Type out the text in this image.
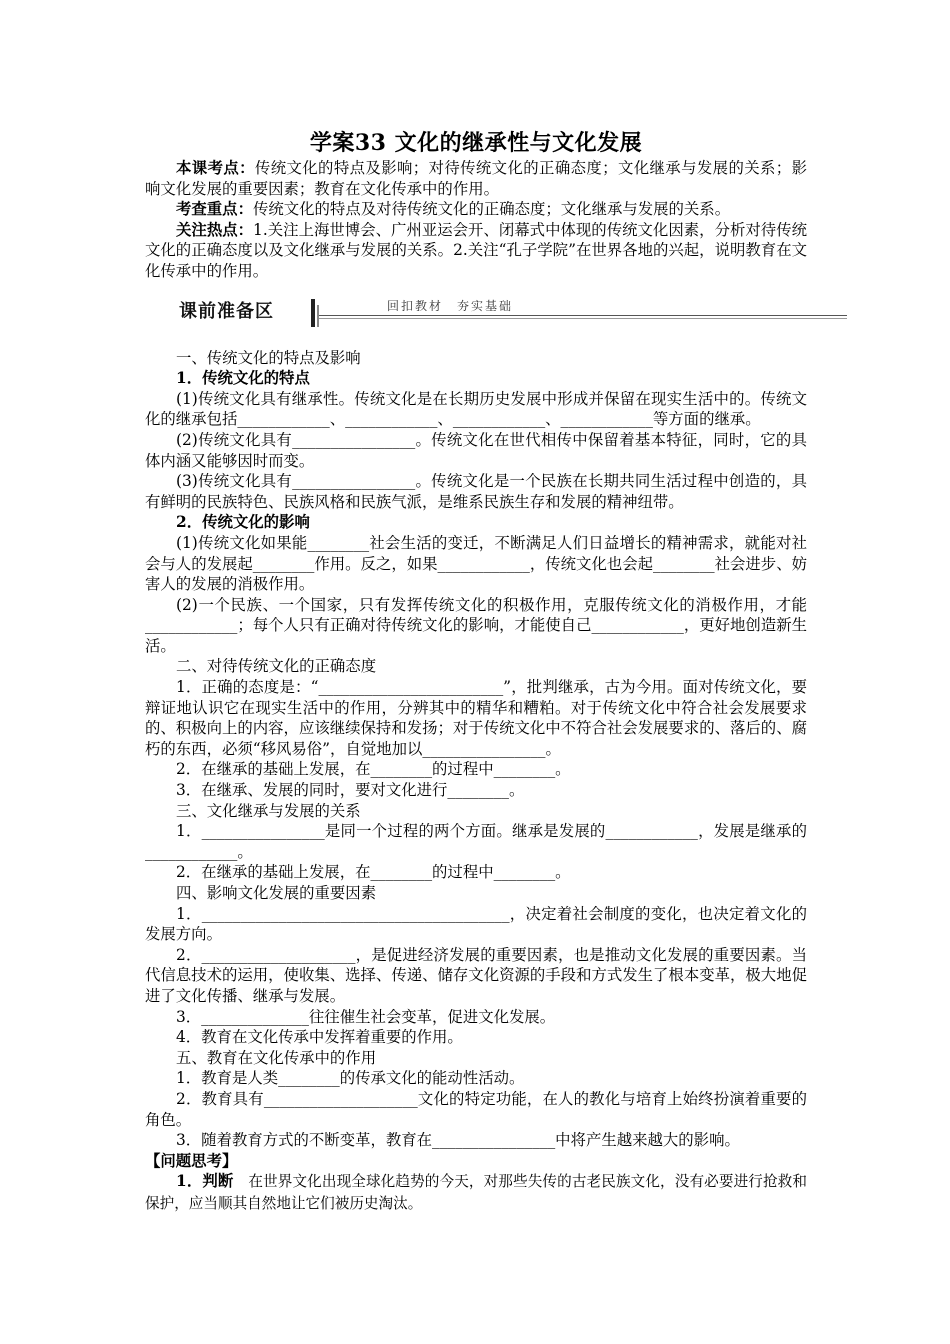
学案33 文化的继承性与文化发展

本课考点：传统文化的特点及影响；对待传统文化的正确态度；文化继承与发展的关系；影响文化发展的重要因素；教育在文化传承中的作用。

考查重点：传统文化的特点及对待传统文化的正确态度；文化继承与发展的关系。

关注热点：1.关注上海世博会、广州亚运会开、闭幕式中体现的传统文化因素，分析对待传统文化的正确态度以及文化继承与发展的关系。2.关注“孔子学院”在世界各地的兴起，说明教育在文化传承中的作用。

课前准备区	回扣教材　夯实基础

一、传统文化的特点及影响

1．传统文化的特点

(1)传统文化具有继承性。传统文化是在长期历史发展中形成并保留在现实生活中的。传统文化的继承包括____________、____________、____________、____________等方面的继承。

(2)传统文化具有________________。传统文化在世代相传中保留着基本特征，同时，它的具体内涵又能够因时而变。

(3)传统文化具有________________。传统文化是一个民族在长期共同生活过程中创造的，具有鲜明的民族特色、民族风格和民族气派，是维系民族生存和发展的精神纽带。

2．传统文化的影响

(1)传统文化如果能________社会生活的变迁，不断满足人们日益增长的精神需求，就能对社会与人的发展起________作用。反之，如果____________，传统文化也会起________社会进步、妨害人的发展的消极作用。

(2)一个民族、一个国家，只有发挥传统文化的积极作用，克服传统文化的消极作用，才能____________；每个人只有正确对待传统文化的影响，才能使自己____________，更好地创造新生活。

二、对待传统文化的正确态度

1．正确的态度是：“________________________”，批判继承，古为今用。面对传统文化，要辩证地认识它在现实生活中的作用，分辨其中的精华和糟粕。对于传统文化中符合社会发展要求的、积极向上的内容，应该继续保持和发扬；对于传统文化中不符合社会发展要求的、落后的、腐朽的东西，必须“移风易俗”，自觉地加以________________。

2．在继承的基础上发展，在________的过程中________。

3．在继承、发展的同时，要对文化进行________。

三、文化继承与发展的关系

1．________________是同一个过程的两个方面。继承是发展的____________，发展是继承的____________。

2．在继承的基础上发展，在________的过程中________。

四、影响文化发展的重要因素

1．________________________________________，决定着社会制度的变化，也决定着文化的发展方向。

2．____________________，是促进经济发展的重要因素，也是推动文化发展的重要因素。当代信息技术的运用，使收集、选择、传递、储存文化资源的手段和方式发生了根本变革，极大地促进了文化传播、继承与发展。

3．______________往往催生社会变革，促进文化发展。

4．教育在文化传承中发挥着重要的作用。

五、教育在文化传承中的作用

1．教育是人类________的传承文化的能动性活动。

2．教育具有____________________文化的特定功能，在人的教化与培育上始终扮演着重要的角色。

3．随着教育方式的不断变革，教育在________________中将产生越来越大的影响。

【问题思考】

1．判断 在世界文化出现全球化趋势的今天，对那些失传的古老民族文化，没有必要进行抢救和保护，应当顺其自然地让它们被历史淘汰。
